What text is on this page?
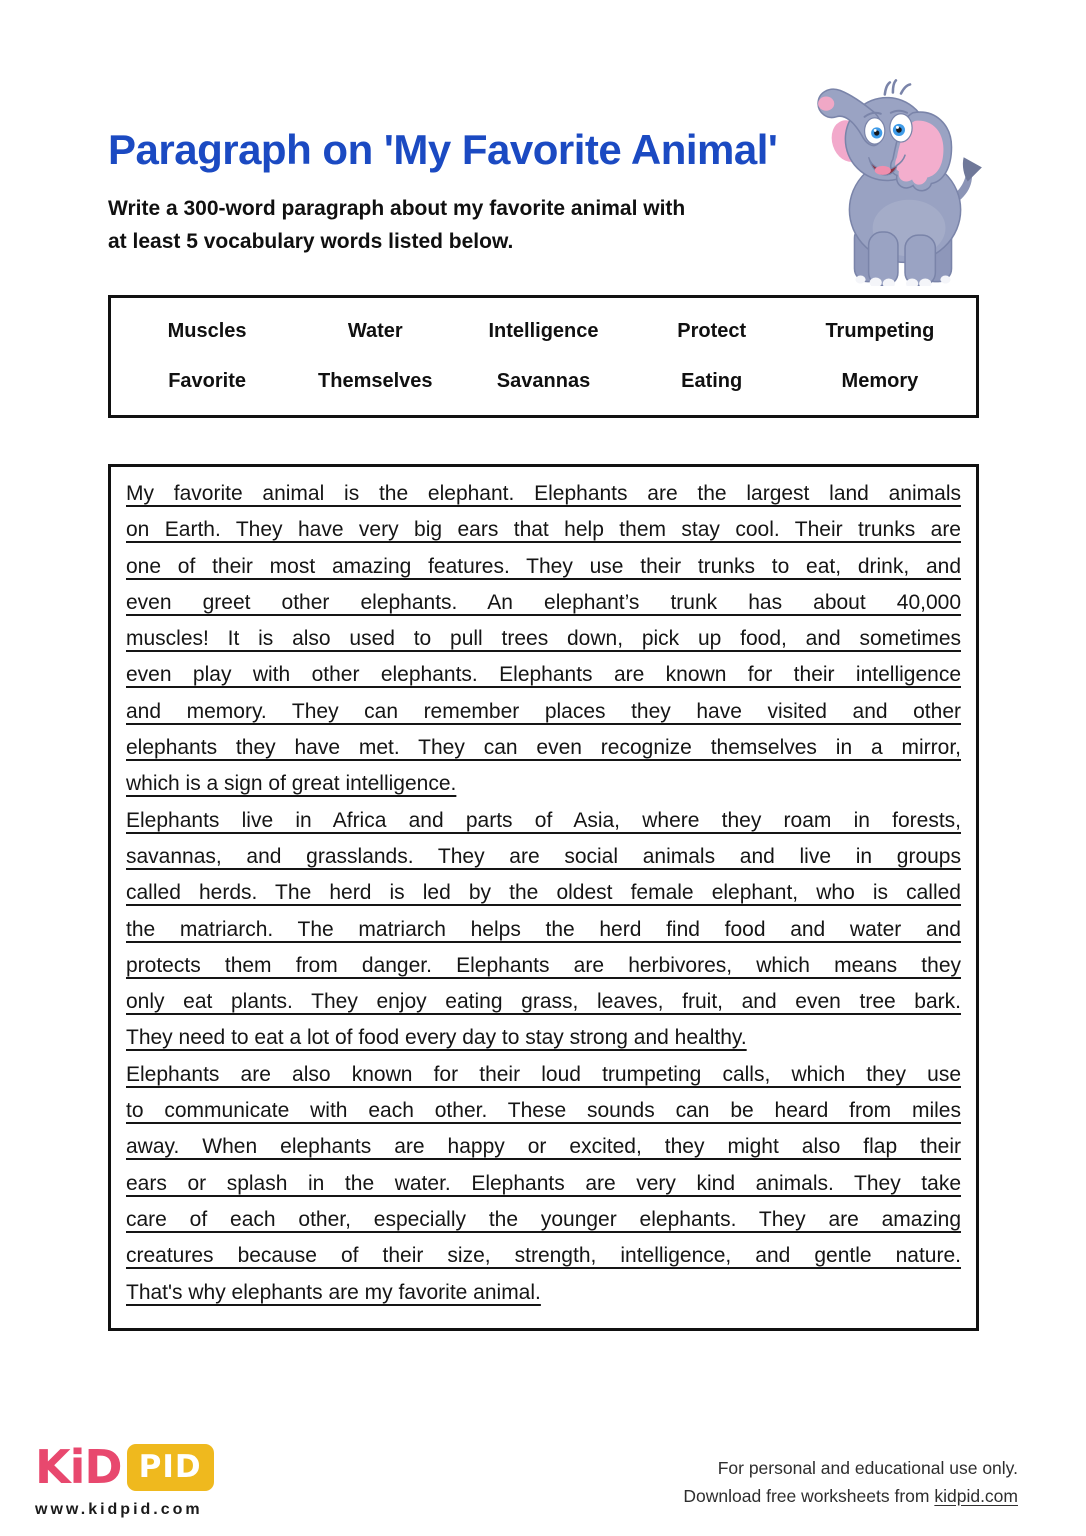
Paragraph on 'My Favorite Animal'
Write a 300-word paragraph about my favorite animal with
at least 5 vocabulary words listed below.
Muscles	Water	Intelligence	Protect	Trumpeting
Favorite	Themselves	Savannas	Eating	Memory
My favorite animal is the elephant. Elephants are the largest land animals
on Earth. They have very big ears that help them stay cool. Their trunks are
one of their most amazing features. They use their trunks to eat, drink, and
even greet other elephants. An elephant’s trunk has about 40,000
muscles! It is also used to pull trees down, pick up food, and sometimes
even play with other elephants. Elephants are known for their intelligence
and memory. They can remember places they have visited and other
elephants they have met. They can even recognize themselves in a mirror,
which is a sign of great intelligence.
Elephants live in Africa and parts of Asia, where they roam in forests,
savannas, and grasslands. They are social animals and live in groups
called herds. The herd is led by the oldest female elephant, who is called
the matriarch. The matriarch helps the herd find food and water and
protects them from danger. Elephants are herbivores, which means they
only eat plants. They enjoy eating grass, leaves, fruit, and even tree bark.
They need to eat a lot of food every day to stay strong and healthy.
Elephants are also known for their loud trumpeting calls, which they use
to communicate with each other. These sounds can be heard from miles
away. When elephants are happy or excited, they might also flap their
ears or splash in the water. Elephants are very kind animals. They take
care of each other, especially the younger elephants. They are amazing
creatures because of their size, strength, intelligence, and gentle nature.
That's why elephants are my favorite animal.
KiD PID
www.kidpid.com
For personal and educational use only.
Download free worksheets from kidpid.com
